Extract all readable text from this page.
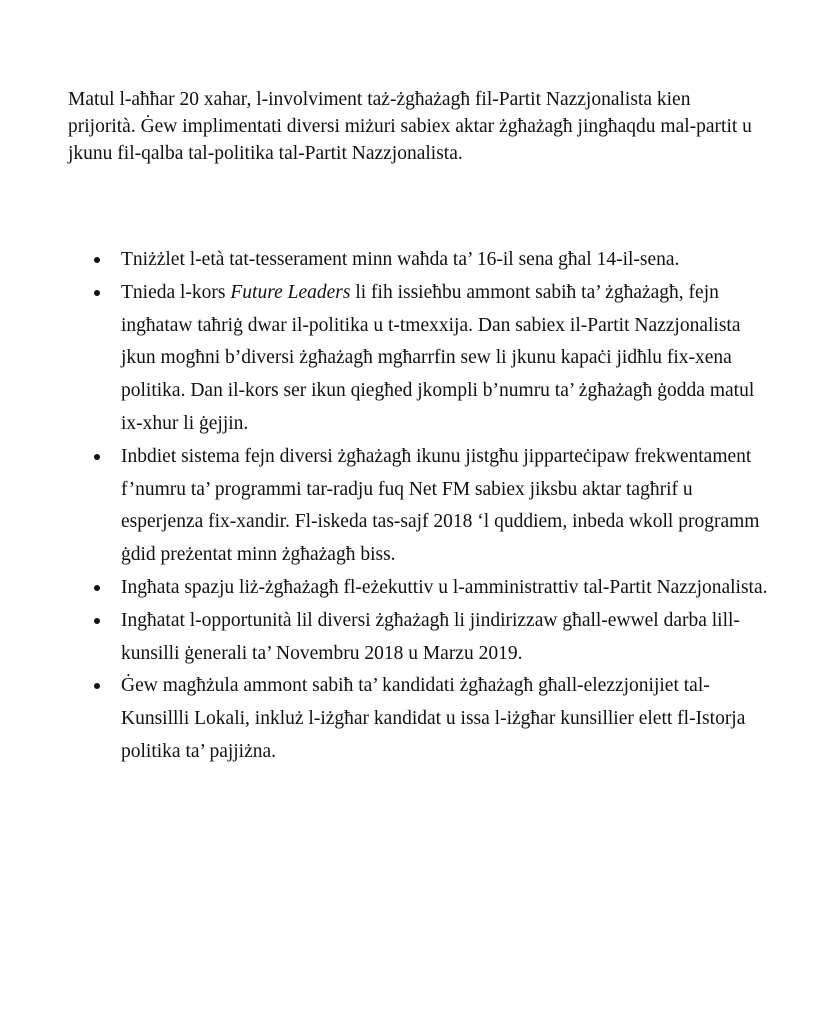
Matul l-aħħar 20 xahar, l-involviment taż-żgħażagħ fil-Partit Nazzjonalista kien prijorità. Ġew implimentati diversi miżuri sabiex aktar żgħażagħ jingħaqdu mal-partit u jkunu fil-qalba tal-politika tal-Partit Nazzjonalista.

Tniżżlet l-età tat-tesserament minn waħda ta’ 16-il sena għal 14-il-sena.
Tnieda l-kors Future Leaders li fih issieħbu ammont sabiħ ta’ żgħażagħ, fejn ingħataw taħriġ dwar il-politika u t-tmexxija. Dan sabiex il-Partit Nazzjonalista jkun mogħni b’diversi żgħażagħ mgħarrfin sew li jkunu kapaċi jidħlu fix-xena politika. Dan il-kors ser ikun qiegħed jkompli b’numru ta’ żgħażagħ ġodda matul ix-xhur li ġejjin.
Inbdiet sistema fejn diversi żgħażagħ ikunu jistgħu jipparteċipaw frekwentament f’numru ta’ programmi tar-radju fuq Net FM sabiex jiksbu aktar tagħrif u esperjenza fix-xandir. Fl-iskeda tas-sajf 2018 ‘l quddiem, inbeda wkoll programm ġdid preżentat minn żgħażagħ biss.
Ingħata spazju liż-żgħażagħ fl-eżekuttiv u l-amministrattiv tal-Partit Nazzjonalista.
Ingħatat l-opportunità lil diversi żgħażagħ li jindirizzaw għall-ewwel darba lill-kunsilli ġenerali ta’ Novembru 2018 u Marzu 2019.
Ġew magħżula ammont sabiħ ta’ kandidati żgħażagħ għall-elezzjonijiet tal-Kunsillli Lokali, inkluż l-iżgħar kandidat u issa l-iżgħar kunsillier elett fl-Istorja politika ta’ pajjiżna.
